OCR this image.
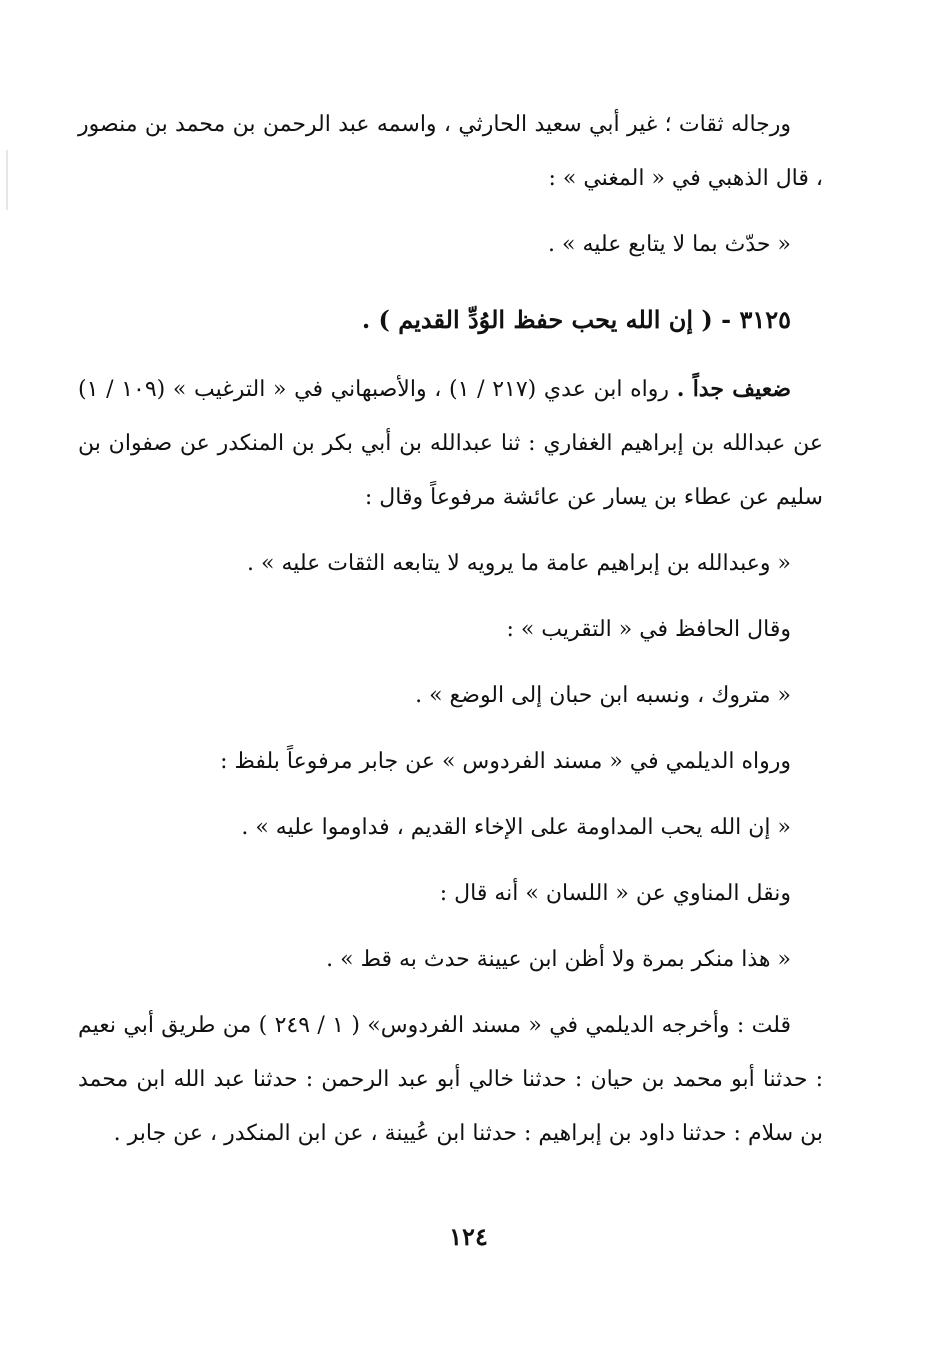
ورجاله ثقات ؛ غير أبي سعيد الحارثي ، واسمه عبد الرحمن بن محمد بن منصور ، قال الذهبي في « المغني » :

« حدّث بما لا يتابع عليه » .

٣١٢٥ - ( إن الله يحب حفظ الوُدِّ القديم ) .

ضعيف جداً . رواه ابن عدي (٢١٧ / ١) ، والأصبهاني في « الترغيب » (١٠٩ / ١) عن عبدالله بن إبراهيم الغفاري : ثنا عبدالله بن أبي بكر بن المنكدر عن صفوان بن سليم عن عطاء بن يسار عن عائشة مرفوعاً وقال :

« وعبدالله بن إبراهيم عامة ما يرويه لا يتابعه الثقات عليه » .

وقال الحافظ في « التقريب » :

« متروك ، ونسبه ابن حبان إلى الوضع » .

ورواه الديلمي في « مسند الفردوس » عن جابر مرفوعاً بلفظ :

« إن الله يحب المداومة على الإخاء القديم ، فداوموا عليه » .

ونقل المناوي عن « اللسان » أنه قال :

« هذا منكر بمرة ولا أظن ابن عيينة حدث به قط » .

قلت : وأخرجه الديلمي في « مسند الفردوس» ( ١ / ٢٤٩ ) من طريق أبي نعيم : حدثنا أبو محمد بن حيان : حدثنا خالي أبو عبد الرحمن : حدثنا عبد الله ابن محمد بن سلام : حدثنا داود بن إبراهيم : حدثنا ابن عُيينة ، عن ابن المنكدر ، عن جابر .

١٢٤
